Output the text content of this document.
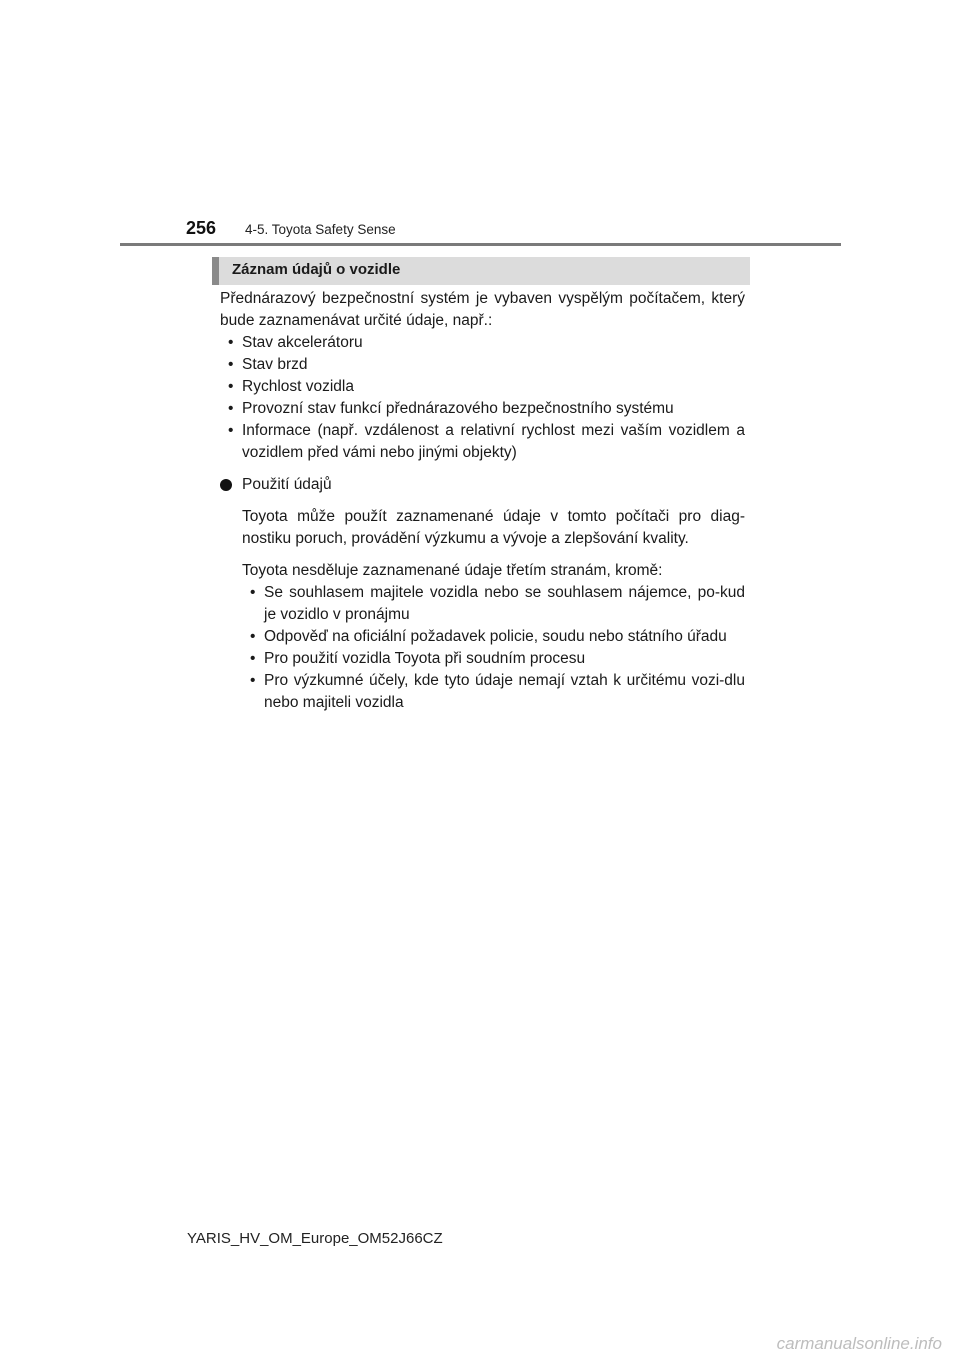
256 4-5. Toyota Safety Sense
Záznam údajů o vozidle

Přednárazový bezpečnostní systém je vybaven vyspělým počítačem, který bude zaznamenávat určité údaje, např.:

• Stav akcelerátoru
• Stav brzd
• Rychlost vozidla
• Provozní stav funkcí přednárazového bezpečnostního systému
• Informace (např. vzdálenost a relativní rychlost mezi vaším vozidlem a vozidlem před vámi nebo jinými objekty)
Použití údajů

Toyota může použít zaznamenané údaje v tomto počítači pro diag-nostiku poruch, provádění výzkumu a vývoje a zlepšování kvality.

Toyota nesděluje zaznamenané údaje třetím stranám, kromě:

• Se souhlasem majitele vozidla nebo se souhlasem nájemce, po-kud je vozidlo v pronájmu
• Odpověď na oficiální požadavek policie, soudu nebo státního úřadu
• Pro použití vozidla Toyota při soudním procesu
• Pro výzkumné účely, kde tyto údaje nemají vztah k určitému vozi-dlu nebo majiteli vozidla
YARIS_HV_OM_Europe_OM52J66CZ
carmanualsonline.info
